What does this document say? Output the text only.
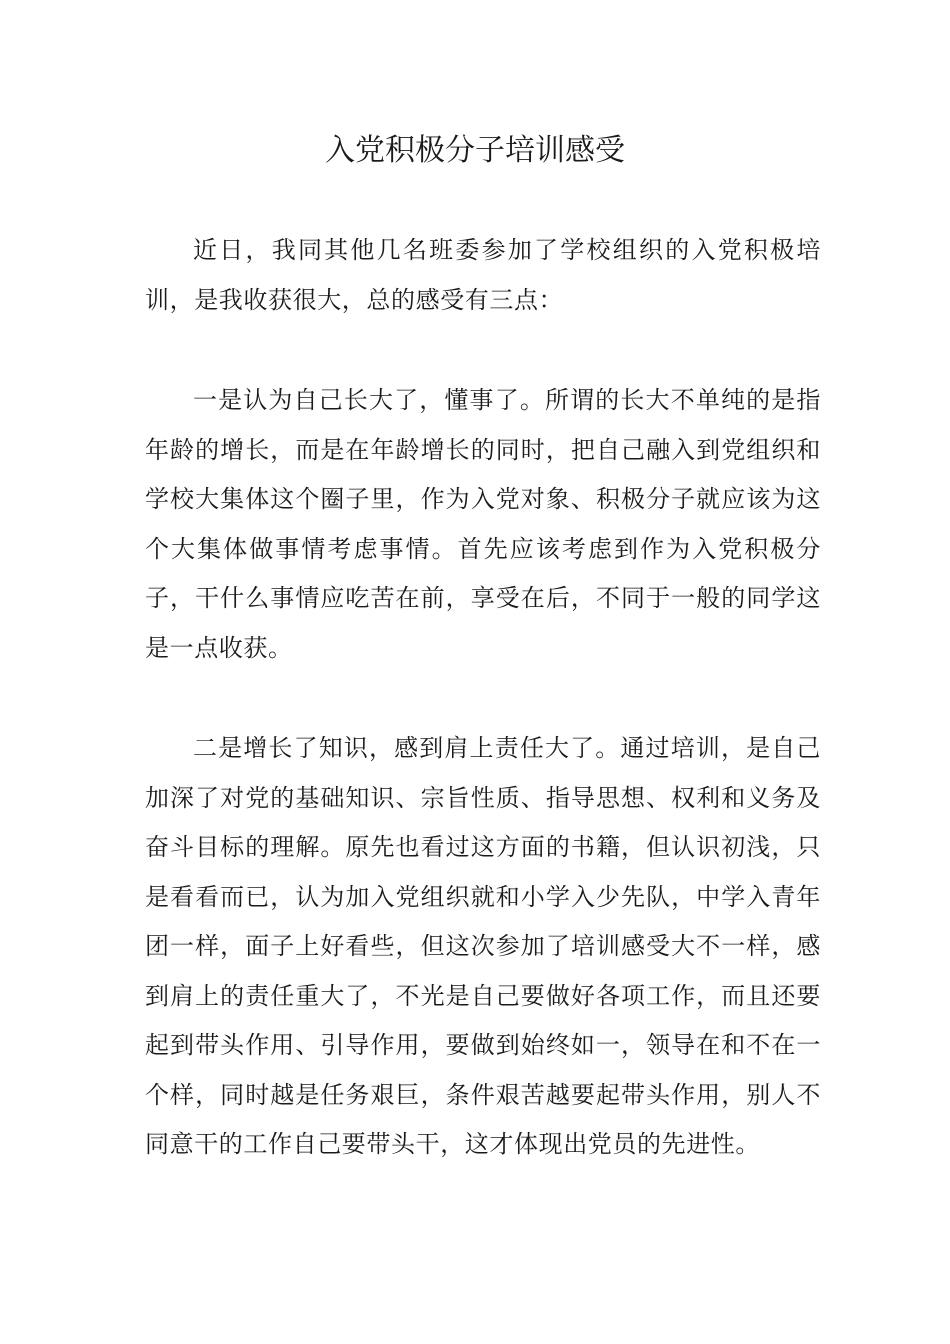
入党积极分子培训感受

近日，我同其他几名班委参加了学校组织的入党积极培训，是我收获很大，总的感受有三点：

一是认为自己长大了，懂事了。所谓的长大不单纯的是指年龄的增长，而是在年龄增长的同时，把自己融入到党组织和学校大集体这个圈子里，作为入党对象、积极分子就应该为这个大集体做事情考虑事情。首先应该考虑到作为入党积极分子，干什么事情应吃苦在前，享受在后，不同于一般的同学这是一点收获。

二是增长了知识，感到肩上责任大了。通过培训，是自己加深了对党的基础知识、宗旨性质、指导思想、权利和义务及奋斗目标的理解。原先也看过这方面的书籍，但认识初浅，只是看看而已，认为加入党组织就和小学入少先队，中学入青年团一样，面子上好看些，但这次参加了培训感受大不一样，感到肩上的责任重大了，不光是自己要做好各项工作，而且还要起到带头作用、引导作用，要做到始终如一，领导在和不在一个样，同时越是任务艰巨，条件艰苦越要起带头作用，别人不同意干的工作自己要带头干，这才体现出党员的先进性。
